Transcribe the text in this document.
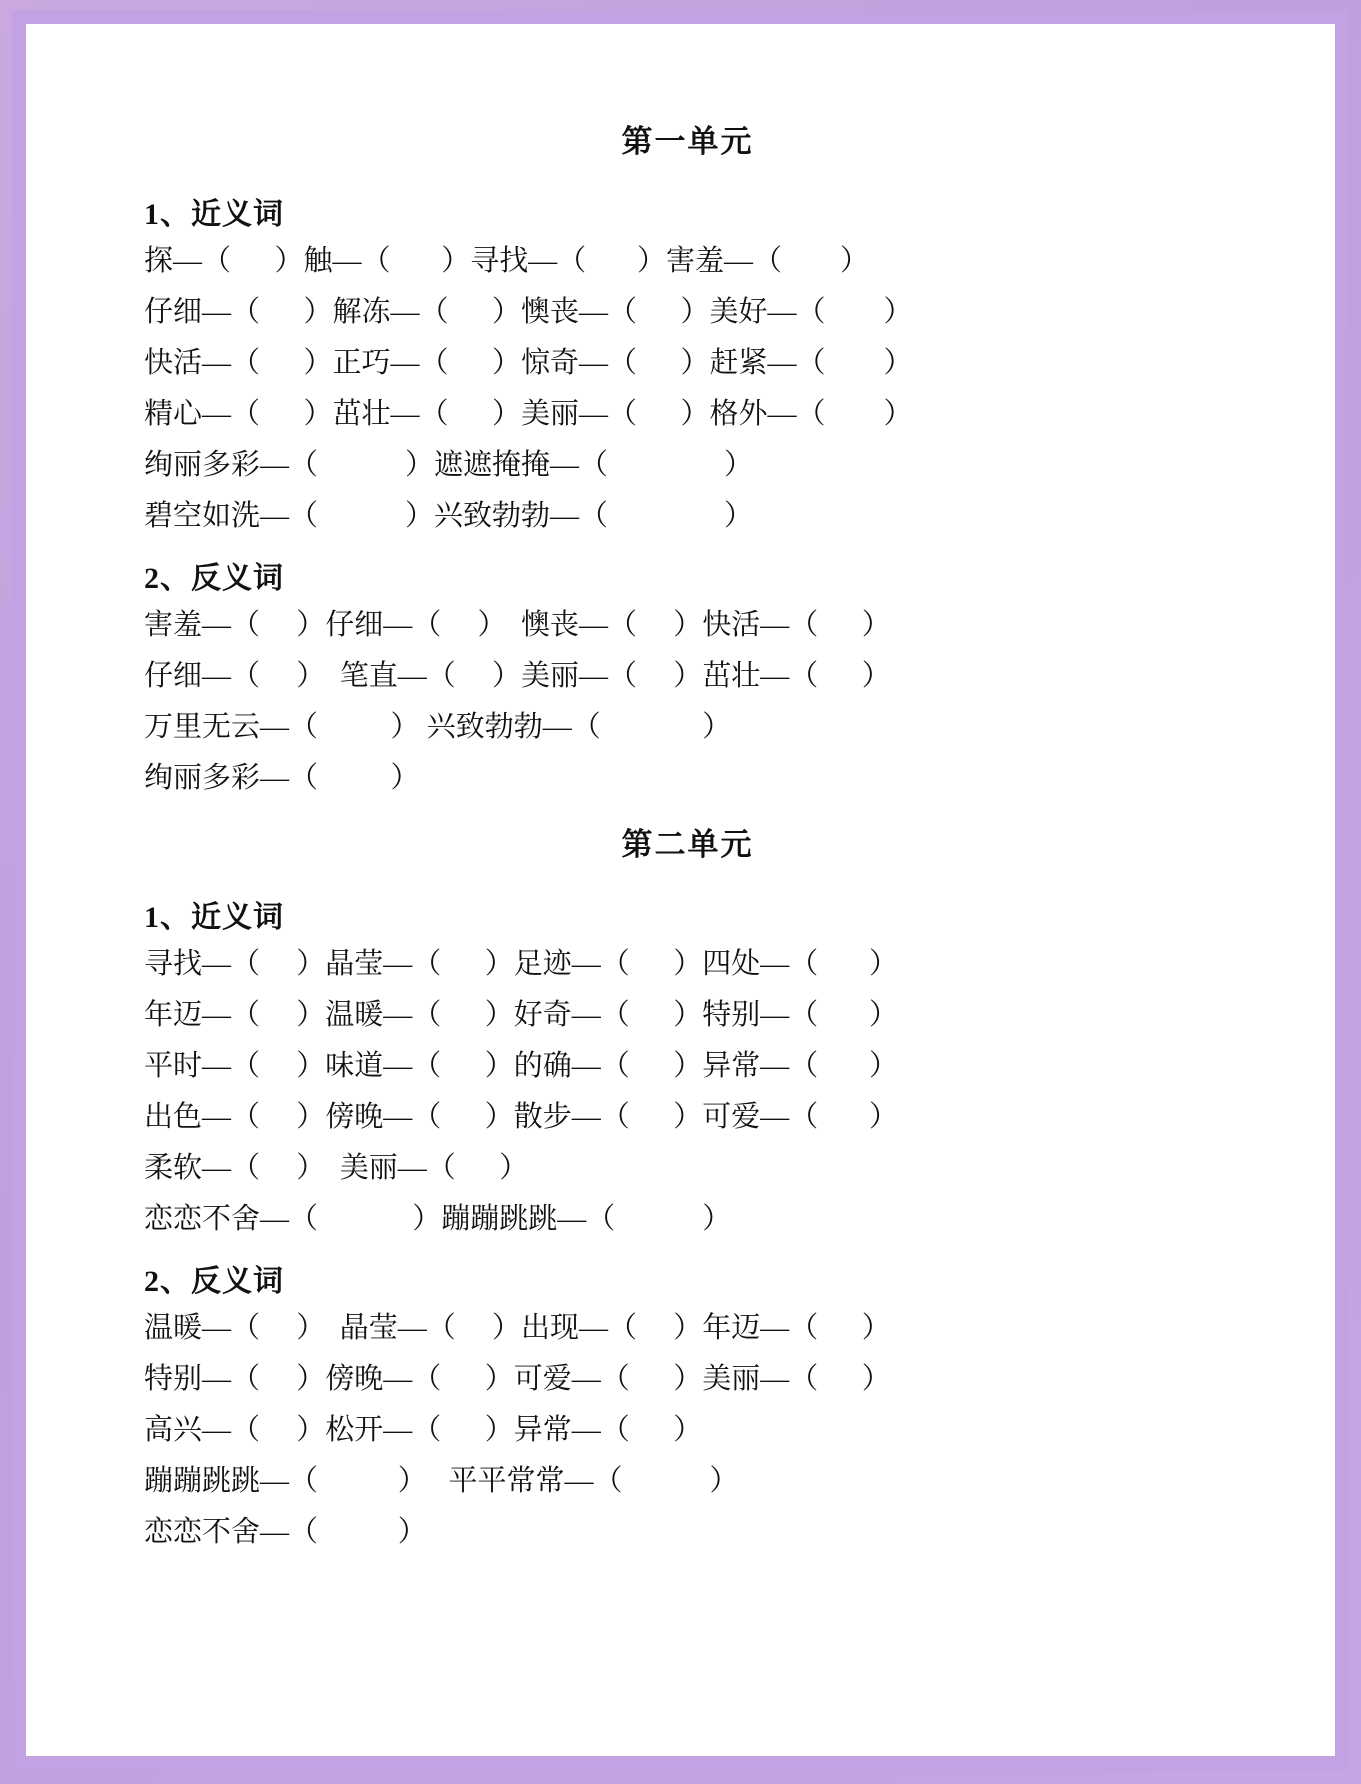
第一单元
1、近义词
探—（      ）触—（       ）寻找—（       ）害羞—（        ）
仔细—（      ）解冻—（      ）懊丧—（      ）美好—（        ）
快活—（      ）正巧—（      ）惊奇—（      ）赶紧—（        ）
精心—（      ）茁壮—（      ）美丽—（      ）格外—（        ）
绚丽多彩—（            ）遮遮掩掩—（                ）
碧空如洗—（            ）兴致勃勃—（                ）
2、反义词
害羞—（     ）仔细—（     ）  懊丧—（     ）快活—（      ）
仔细—（     ）  笔直—（     ）美丽—（     ）茁壮—（      ）
万里无云—（          ） 兴致勃勃—（              ）
绚丽多彩—（          ）
第二单元
1、近义词
寻找—（     ）晶莹—（      ）足迹—（      ）四处—（       ）
年迈—（     ）温暖—（      ）好奇—（      ）特别—（       ）
平时—（     ）味道—（      ）的确—（      ）异常—（       ）
出色—（     ）傍晚—（      ）散步—（      ）可爱—（       ）
柔软—（     ）  美丽—（      ）
恋恋不舍—（             ）蹦蹦跳跳—（            ）
2、反义词
温暖—（     ）  晶莹—（     ）出现—（     ）年迈—（      ）
特别—（     ）傍晚—（      ）可爱—（      ）美丽—（      ）
高兴—（     ）松开—（      ）异常—（      ）
蹦蹦跳跳—（           ）   平平常常—（            ）
恋恋不舍—（           ）
